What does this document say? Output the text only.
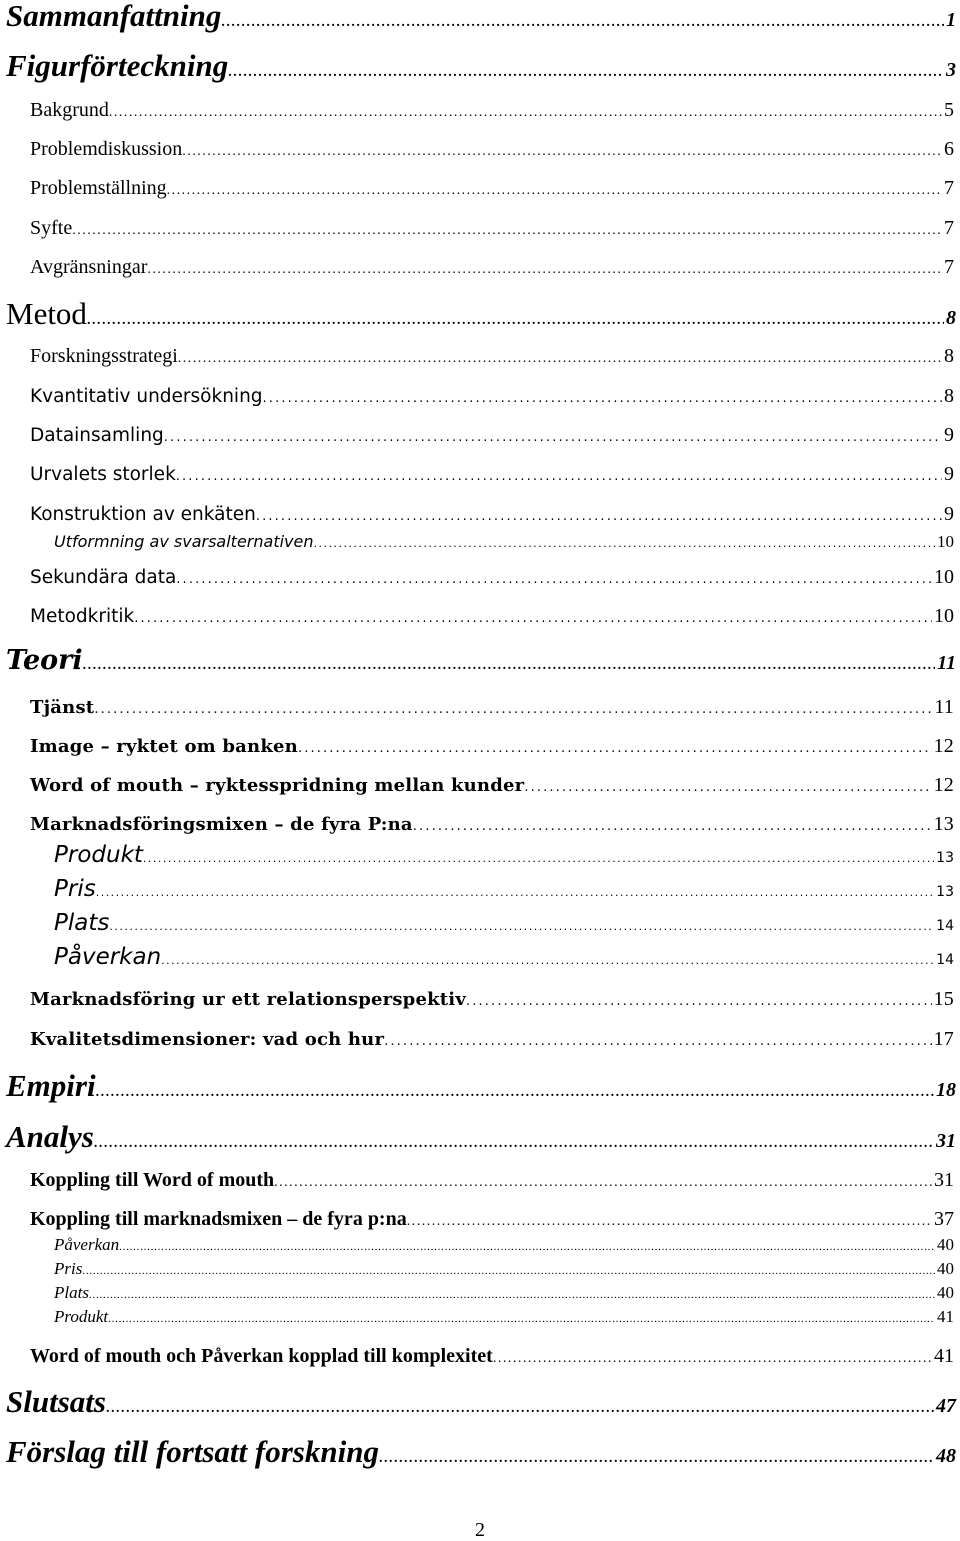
Sammanfattning . . .	1
Figurförteckning . . .	3
Bakgrund . . .	5
Problemdiskussion . . .	6
Problemställning . . .	7
Syfte . . .	7
Avgränsningar . . .	7
Metod . . .	8
Forskningsstrategi . . .	8
Kvantitativ undersökning . . .	8
Datainsamling . . .	9
Urvalets storlek . . .	9
Konstruktion av enkäten . . .	9
Utformning av svarsalternativen . . .	10
Sekundära data . . .	10
Metodkritik . . .	10
Teori . . .	11
Tjänst . . .	11
Image – ryktet om banken . . .	12
Word of mouth – ryktesspridning mellan kunder . . .	12
Marknadsföringsmixen – de fyra P:na . . .	13
Produkt . . .	13
Pris . . .	13
Plats . . .	14
Påverkan . . .	14
Marknadsföring ur ett relationsperspektiv . . .	15
Kvalitetsdimensioner: vad och hur . . .	17
Empiri . . .	18
Analys . . .	31
Koppling till Word of mouth . . .	31
Koppling till marknadsmixen – de fyra p:na . . .	37
Påverkan . . .	40
Pris . . .	40
Plats . . .	40
Produkt . . .	41
Word of mouth och Påverkan kopplad till komplexitet . . .	41
Slutsats . . .	47
Förslag till fortsatt forskning . . .	48
2
